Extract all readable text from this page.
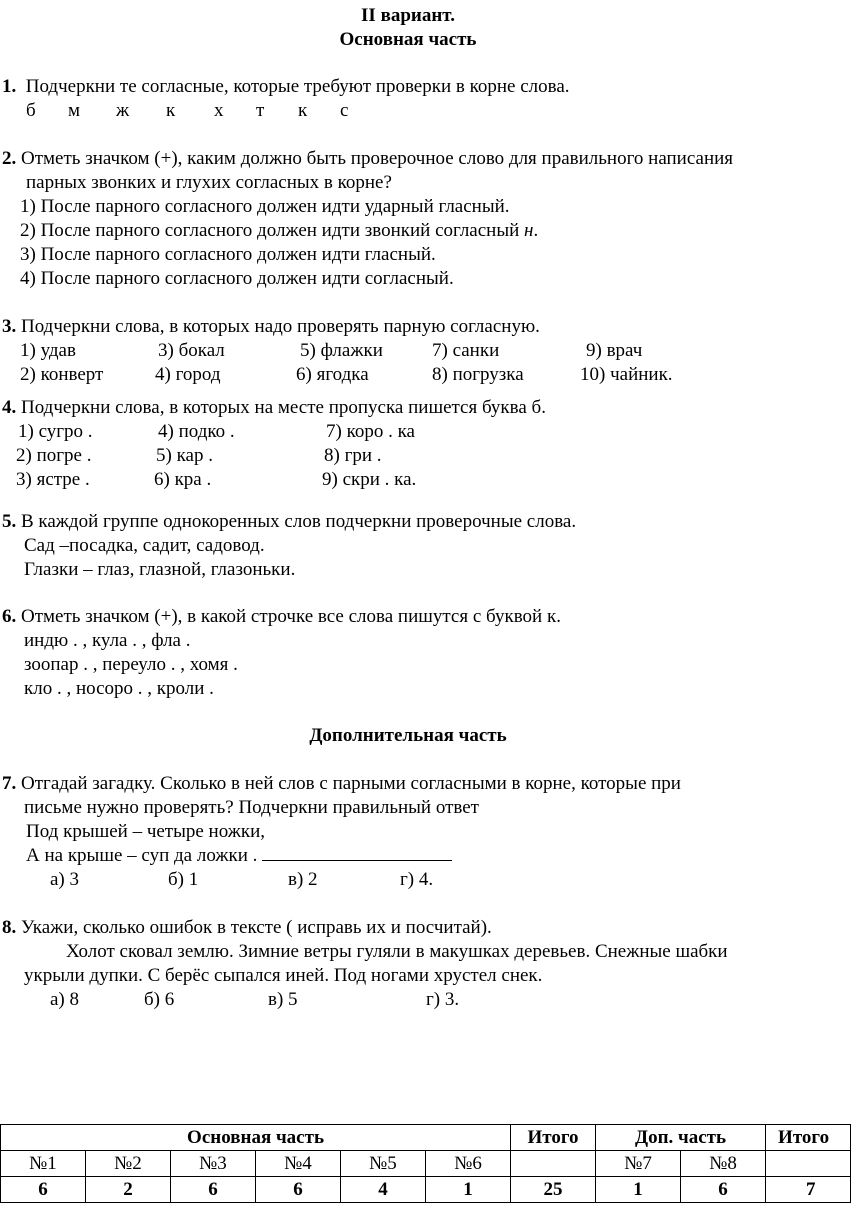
II вариант.
Основная часть
1. Подчеркни те согласные, которые требуют проверки в корне слова.
б м ж к х т к с
2. Отметь значком (+), каким должно быть проверочное слово для правильного написания
парных звонких и глухих согласных в корне?
1) После парного согласного должен идти ударный гласный.
2) После парного согласного должен идти звонкий согласный н.
3) После парного согласного должен идти гласный.
4) После парного согласного должен идти согласный.
3. Подчеркни слова, в которых надо проверять парную согласную.
1) удав	3) бокал	5) флажки	7) санки	9) врач
2) конверт	4) город	6) ягодка	8) погрузка	10) чайник.
4. Подчеркни слова, в которых на месте пропуска пишется буква б.
1) сугро .	4) подко .	7) коро . ка
2) погре .	5) кар .	8) гри .
3) ястре .	6) кра .	9) скри . ка.
5. В каждой группе однокоренных слов подчеркни проверочные слова.
Сад –посадка, садит, садовод.
Глазки – глаз, глазной, глазоньки.
6. Отметь значком (+), в какой строчке все слова пишутся с буквой к.
индю . , кула . , фла .
зоопар . , переуло . , хомя .
кло . , носоро . , кроли .
Дополнительная часть
7. Отгадай загадку. Сколько в ней слов с парными согласными в корне, которые при
письме нужно проверять? Подчеркни правильный ответ
Под крышей – четыре ножки,
А на крыше – суп да ложки .
а) 3	б) 1	в) 2	г) 4.
8. Укажи, сколько ошибок в тексте ( исправь их и посчитай).
Холот сковал землю. Зимние ветры гуляли в макушках деревьев. Снежные шабки
укрыли дупки. С берёс сыпался иней. Под ногами хрустел снек.
а) 8	б) 6	в) 5	г) 3.
Основная часть						Итого	Доп. часть		Итого
№1	№2	№3	№4	№5	№6		№7	№8	
6	2	6	6	4	1	25	1	6	7
